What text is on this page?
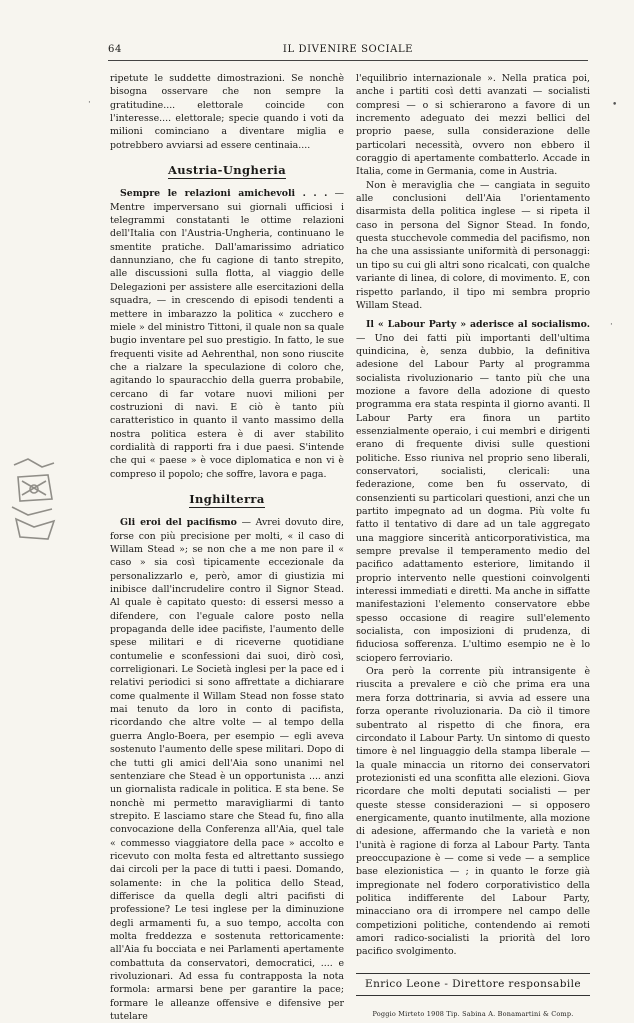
64	IL DIVENIRE SOCIALE

ripetute le suddette dimostrazioni. Se nonchè bisogna osservare che non sempre la gratitudine.... elettorale coincide con l'interesse.... elettorale; specie quando i voti da milioni cominciano a diventare miglia e potrebbero avviarsi ad essere centinaia....

Austria-Ungheria

Sempre le relazioni amichevoli . . . — Mentre imperversano sui giornali ufficiosi i telegrammi constatanti le ottime relazioni dell'Italia con l'Austria-Ungheria, continuano le smentite pratiche. Dall'amarissimo adriatico dannunziano, che fu cagione di tanto strepito, alle discussioni sulla flotta, al viaggio delle Delegazioni per assistere alle esercitazioni della squadra, — in crescendo di episodi tendenti a mettere in imbarazzo la politica « zucchero e miele » del ministro Tittoni, il quale non sa quale bugio inventare pel suo prestigio. In fatto, le sue frequenti visite ad Aehrenthal, non sono riuscite che a rialzare la speculazione di coloro che, agitando lo spauracchio della guerra probabile, cercano di far votare nuovi milioni per costruzioni di navi. E ciò è tanto più caratteristico in quanto il vanto massimo della nostra politica estera è di aver stabilito cordialità di rapporti fra i due paesi. S'intende che qui « paese » è voce diplomatica e non vi è compreso il popolo; che soffre, lavora e paga.

Inghilterra

Gli eroi del pacifismo — Avrei dovuto dire, forse con più precisione per molti, « il caso di Willam Stead »; se non che a me non pare il « caso » sia così tipicamente eccezionale da personalizzarlo e, però, amor di giustizia mi inibisce dall'incrudelire contro il Signor Stead. Al quale è capitato questo: di essersi messo a difendere, con l'eguale calore posto nella propaganda delle idee pacifiste, l'aumento delle spese militari e di riceverne quotidiane contumelie e sconfessioni dai suoi, dirò così, correligionari. Le Società inglesi per la pace ed i relativi periodici si sono affrettate a dichiarare come qualmente il Willam Stead non fosse stato mai tenuto da loro in conto di pacifista, ricordando che altre volte — al tempo della guerra Anglo-Boera, per esempio — egli aveva sostenuto l'aumento delle spese militari. Dopo di che tutti gli amici dell'Aia sono unanimi nel sentenziare che Stead è un opportunista .... anzi un giornalista radicale in politica. E sta bene. Se nonchè mi permetto maravigliarmi di tanto strepito. E lasciamo stare che Stead fu, fino alla convocazione della Conferenza all'Aia, quel tale « commesso viaggiatore della pace » accolto e ricevuto con molta festa ed altrettanto sussiego dai circoli per la pace di tutti i paesi. Domando, solamente: in che la politica dello Stead, differisce da quella degli altri pacifisti di professione? Le tesi inglese per la diminuzione degli armamenti fu, a suo tempo, accolta con molta freddezza e sostenuta rettoricamente: all'Aia fu bocciata e nei Parlamenti apertamente combattuta da conservatori, democratici, .... e rivoluzionari. Ad essa fu contrapposta la nota formola: armarsi bene per garantire la pace; formare le alleanze offensive e difensive per tutelare

l'equilibrio internazionale ». Nella pratica poi, anche i partiti così detti avanzati — socialisti compresi — o si schierarono a favore di un incremento adeguato dei mezzi bellici del proprio paese, sulla considerazione delle particolari necessità, ovvero non ebbero il coraggio di apertamente combatterlo. Accade in Italia, come in Germania, come in Austria.

Non è meraviglia che — cangiata in seguito alle conclusioni dell'Aia l'orientamento disarmista della politica inglese — si ripeta il caso in persona del Signor Stead. In fondo, questa stucchevole commedia del pacifismo, non ha che una assissiante uniformità di personaggi: un tipo su cui gli altri sono ricalcati, con qualche variante di linea, di colore, di movimento. E, con rispetto parlando, il tipo mi sembra proprio Willam Stead.

Il « Labour Party » aderisce al socialismo. — Uno dei fatti più importanti dell'ultima quindicina, è, senza dubbio, la definitiva adesione del Labour Party al programma socialista rivoluzionario — tanto più che una mozione a favore della adozione di questo programma era stata respinta il giorno avanti. Il Labour Party era finora un partito essenzialmente operaio, i cui membri e dirigenti erano di frequente divisi sulle questioni politiche. Esso riuniva nel proprio seno liberali, conservatori, socialisti, clericali: una federazione, come ben fu osservato, di consenzienti su particolari questioni, anzi che un partito impegnato ad un dogma. Più volte fu fatto il tentativo di dare ad un tale aggregato una maggiore sincerità anticorporativistica, ma sempre prevalse il temperamento medio del pacifico adattamento esteriore, limitando il proprio intervento nelle questioni coinvolgenti interessi immediati e diretti. Ma anche in siffatte manifestazioni l'elemento conservatore ebbe spesso occasione di reagire sull'elemento socialista, con imposizioni di prudenza, di fiduciosa sofferenza. L'ultimo esempio ne è lo sciopero ferroviario.

Ora però la corrente più intransigente è riuscita a prevalere e ciò che prima era una mera forza dottrinaria, si avvia ad essere una forza operante rivoluzionaria. Da ciò il timore subentrato al rispetto di che finora, era circondato il Labour Party. Un sintomo di questo timore è nel linguaggio della stampa liberale — la quale minaccia un ritorno dei conservatori protezionisti ed una sconfitta alle elezioni. Giova ricordare che molti deputati socialisti — per queste stesse considerazioni — si opposero energicamente, quanto inutilmente, alla mozione di adesione, affermando che la varietà e non l'unità è ragione di forza al Labour Party. Tanta preoccupazione è — come si vede — a semplice base elezionistica — ; in quanto le forze già impregionate nel fodero corporativistico della politica indifferente del Labour Party, minacciano ora di irrompere nel campo delle competizioni politiche, contendendo ai remoti amori radico-socialisti la priorità del loro pacifico svolgimento.

Enrico Leone - Direttore responsabile
Poggio Mirteto 1908 Tip. Sabina A. Bonamartini & Comp.
·	•
·
